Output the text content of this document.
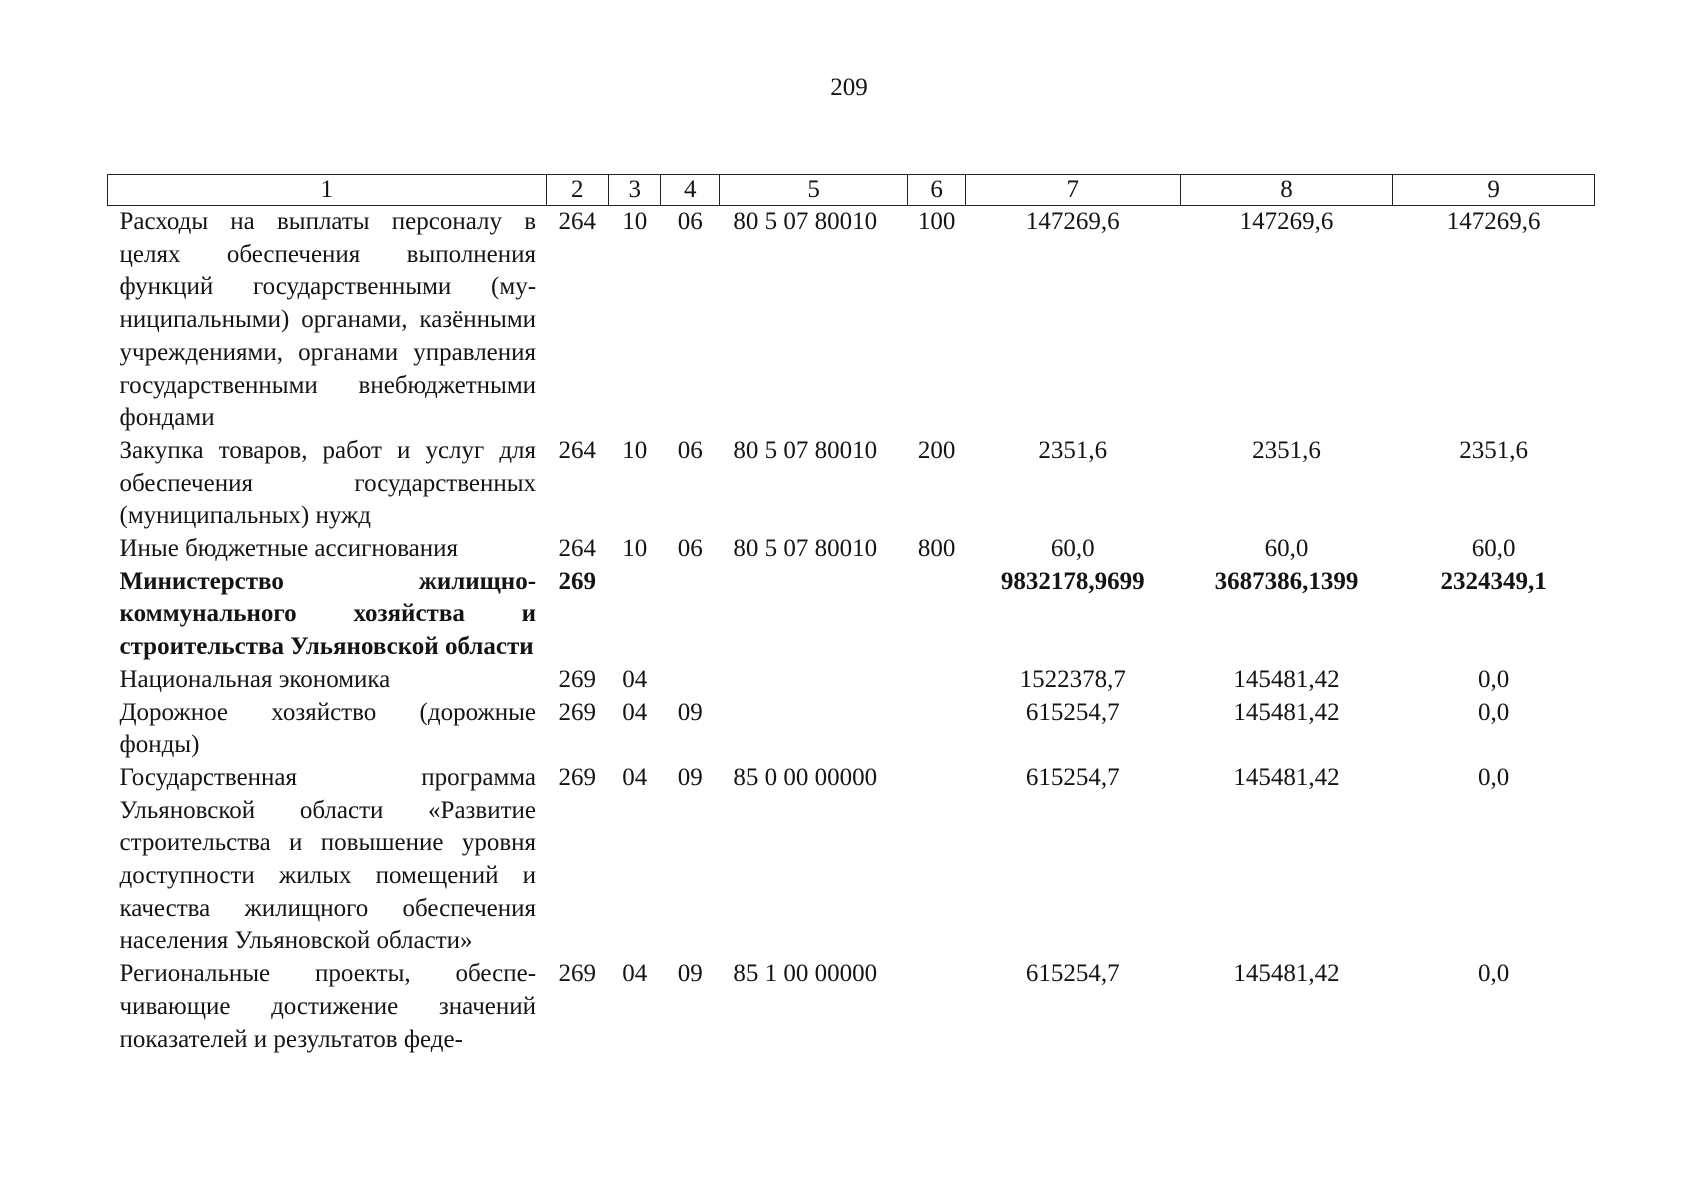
209
1	2	3	4	5	6	7	8	9
Расходы на выплаты персоналу в целях обеспечения выполнения функций государственными (муниципальными) органами, казёнными учреждениями, органами управления государственными внебюджетными фондами	264	10	06	80 5 07 80010	100	147269,6	147269,6	147269,6
Закупка товаров, работ и услуг для обеспечения государственных (муниципальных) нужд	264	10	06	80 5 07 80010	200	2351,6	2351,6	2351,6
Иные бюджетные ассигнования	264	10	06	80 5 07 80010	800	60,0	60,0	60,0
Министерство жилищно-коммунального хозяйства и строительства Ульяновской области	269					9832178,9699	3687386,1399	2324349,1
Национальная экономика	269	04				1522378,7	145481,42	0,0
Дорожное хозяйство (дорожные фонды)	269	04	09			615254,7	145481,42	0,0
Государственная программа Ульяновской области «Развитие строительства и повышение уровня доступности жилых помещений и качества жилищного обеспечения населения Ульяновской области»	269	04	09	85 0 00 00000		615254,7	145481,42	0,0
Региональные проекты, обеспечивающие достижение значений показателей и результатов феде-	269	04	09	85 1 00 00000		615254,7	145481,42	0,0
